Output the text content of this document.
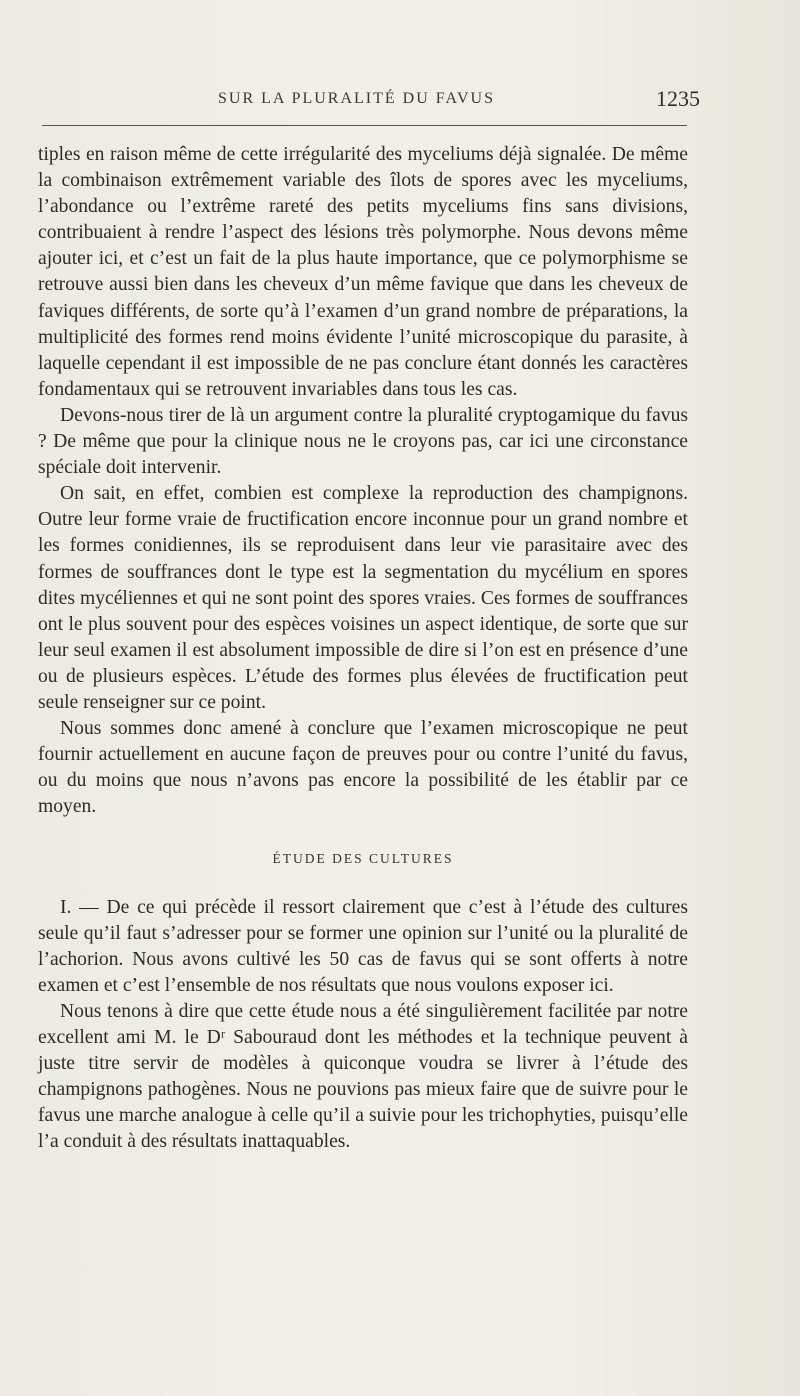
SUR LA PLURALITÉ DU FAVUS	1235

tiples en raison même de cette irrégularité des myceliums déjà signalée. De même la combinaison extrêmement variable des îlots de spores avec les myceliums, l’abondance ou l’extrême rareté des petits myceliums fins sans divisions, contribuaient à rendre l’aspect des lésions très polymorphe. Nous devons même ajouter ici, et c’est un fait de la plus haute importance, que ce polymorphisme se retrouve aussi bien dans les cheveux d’un même favique que dans les cheveux de faviques différents, de sorte qu’à l’examen d’un grand nombre de préparations, la multiplicité des formes rend moins évidente l’unité microscopique du parasite, à laquelle cependant il est impossible de ne pas conclure étant donnés les caractères fondamentaux qui se retrouvent invariables dans tous les cas.

Devons-nous tirer de là un argument contre la pluralité cryptogamique du favus ? De même que pour la clinique nous ne le croyons pas, car ici une circonstance spéciale doit intervenir.

On sait, en effet, combien est complexe la reproduction des champignons. Outre leur forme vraie de fructification encore inconnue pour un grand nombre et les formes conidiennes, ils se reproduisent dans leur vie parasitaire avec des formes de souffrances dont le type est la segmentation du mycélium en spores dites mycéliennes et qui ne sont point des spores vraies. Ces formes de souffrances ont le plus souvent pour des espèces voisines un aspect identique, de sorte que sur leur seul examen il est absolument impossible de dire si l’on est en présence d’une ou de plusieurs espèces. L’étude des formes plus élevées de fructification peut seule renseigner sur ce point.

Nous sommes donc amené à conclure que l’examen microscopique ne peut fournir actuellement en aucune façon de preuves pour ou contre l’unité du favus, ou du moins que nous n’avons pas encore la possibilité de les établir par ce moyen.

ÉTUDE DES CULTURES

I. — De ce qui précède il ressort clairement que c’est à l’étude des cultures seule qu’il faut s’adresser pour se former une opinion sur l’unité ou la pluralité de l’achorion. Nous avons cultivé les 50 cas de favus qui se sont offerts à notre examen et c’est l’ensemble de nos résultats que nous voulons exposer ici.

Nous tenons à dire que cette étude nous a été singulièrement facilitée par notre excellent ami M. le Dʳ Sabouraud dont les méthodes et la technique peuvent à juste titre servir de modèles à quiconque voudra se livrer à l’étude des champignons pathogènes. Nous ne pouvions pas mieux faire que de suivre pour le favus une marche analogue à celle qu’il a suivie pour les trichophyties, puisqu’elle l’a conduit à des résultats inattaquables.
